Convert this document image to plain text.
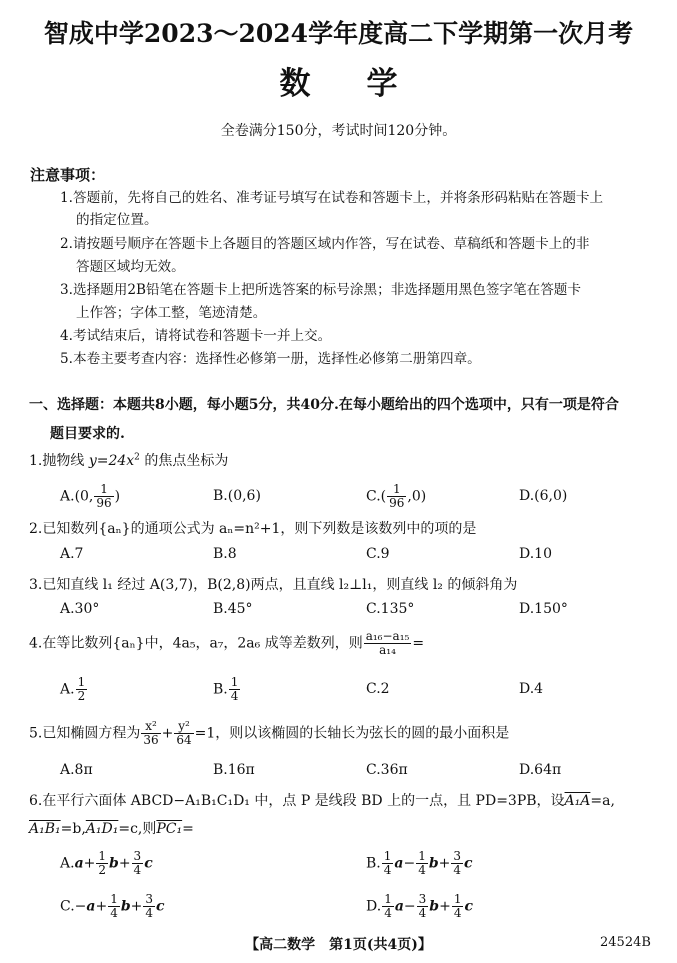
智成中学2023～2024学年度高二下学期第一次月考
数 学
全卷满分150分，考试时间120分钟。
注意事项：
1.答题前，先将自己的姓名、准考证号填写在试卷和答题卡上，并将条形码粘贴在答题卡上
的指定位置。
2.请按题号顺序在答题卡上各题目的答题区域内作答，写在试卷、草稿纸和答题卡上的非
答题区域均无效。
3.选择题用2B铅笔在答题卡上把所选答案的标号涂黑；非选择题用黑色签字笔在答题卡
上作答；字体工整，笔迹清楚。
4.考试结束后，请将试卷和答题卡一并上交。
5.本卷主要考查内容：选择性必修第一册，选择性必修第二册第四章。
一、选择题：本题共8小题，每小题5分，共40分.在每小题给出的四个选项中，只有一项是符合
题目要求的.
1.抛物线 $y=24x^2$ 的焦点坐标为
A.(0, $\frac{1}{96}$ )	B.(0,6)	$C.( \frac{1}{96} ,0)$	D.(6,0)
2.已知数列{aₙ}的通项公式为 aₙ=n²+1，则下列数是该数列中的项的是
A.7	B.8	C.9	D.10
3.已知直线 l₁ 经过 A(3,7)，B(2,8)两点，且直线 l₂⊥l₁，则直线 l₂ 的倾斜角为
A.30°	B.45°	C.135°	D.150°
4.在等比数列{aₙ}中，4a₅，a₇，2a₆ 成等差数列，则 $\frac{\text{a₁₆−a₁₅}}{\text{a₁₄}}$ =
A. $\frac{1}{2}$	B. $\frac{1}{4}$	C.2	D.4
5.已知椭圆方程为 $\frac{\text{x²}}{36} + \frac{\text{y²}}{64} =1$，则以该椭圆的长轴长为弦长的圆的最小面积是
A.8π	B.16π	C.36π	D.64π
6.在平行六面体 ABCD−A₁B₁C₁D₁ 中，点 P 是线段 BD 上的一点，且 PD=3PB，设A₁A=a,
A₁B₁=b,A₁D₁=c,则PC₁=
$A.a+ \frac{1}{2} b+ \frac{3}{4}$ c	B. $\frac{1}{4} a- \frac{1}{4} b+ \frac{3}{4}$ c
$C.-a+ \frac{1}{4} b+ \frac{3}{4}$ c	D. $\frac{1}{4} a- \frac{3}{4} b+ \frac{1}{4}$ c
【高二数学　第1页(共4页)】	24524B
